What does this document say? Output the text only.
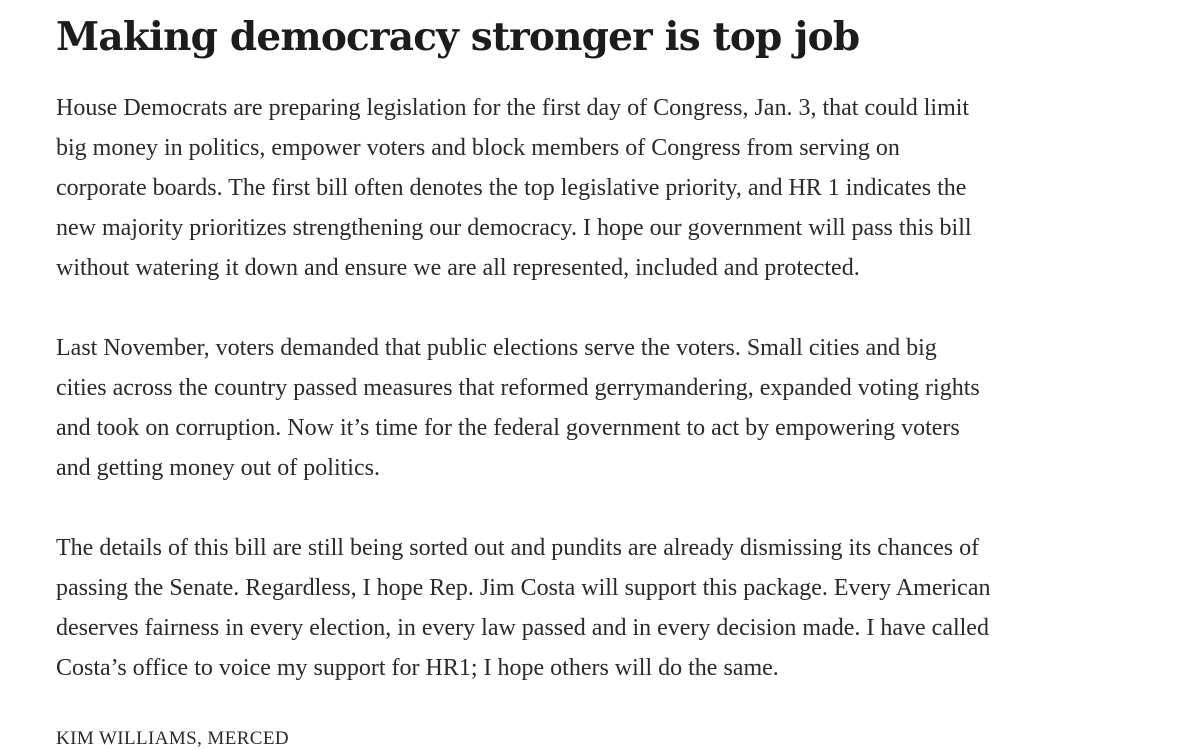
Making democracy stronger is top job

House Democrats are preparing legislation for the first day of Congress, Jan. 3, that could limit
big money in politics, empower voters and block members of Congress from serving on
corporate boards. The first bill often denotes the top legislative priority, and HR 1 indicates the
new majority prioritizes strengthening our democracy. I hope our government will pass this bill
without watering it down and ensure we are all represented, included and protected.

Last November, voters demanded that public elections serve the voters. Small cities and big
cities across the country passed measures that reformed gerrymandering, expanded voting rights
and took on corruption. Now it’s time for the federal government to act by empowering voters
and getting money out of politics.

The details of this bill are still being sorted out and pundits are already dismissing its chances of
passing the Senate. Regardless, I hope Rep. Jim Costa will support this package. Every American
deserves fairness in every election, in every law passed and in every decision made. I have called
Costa’s office to voice my support for HR1; I hope others will do the same.

KIM WILLIAMS, MERCED
